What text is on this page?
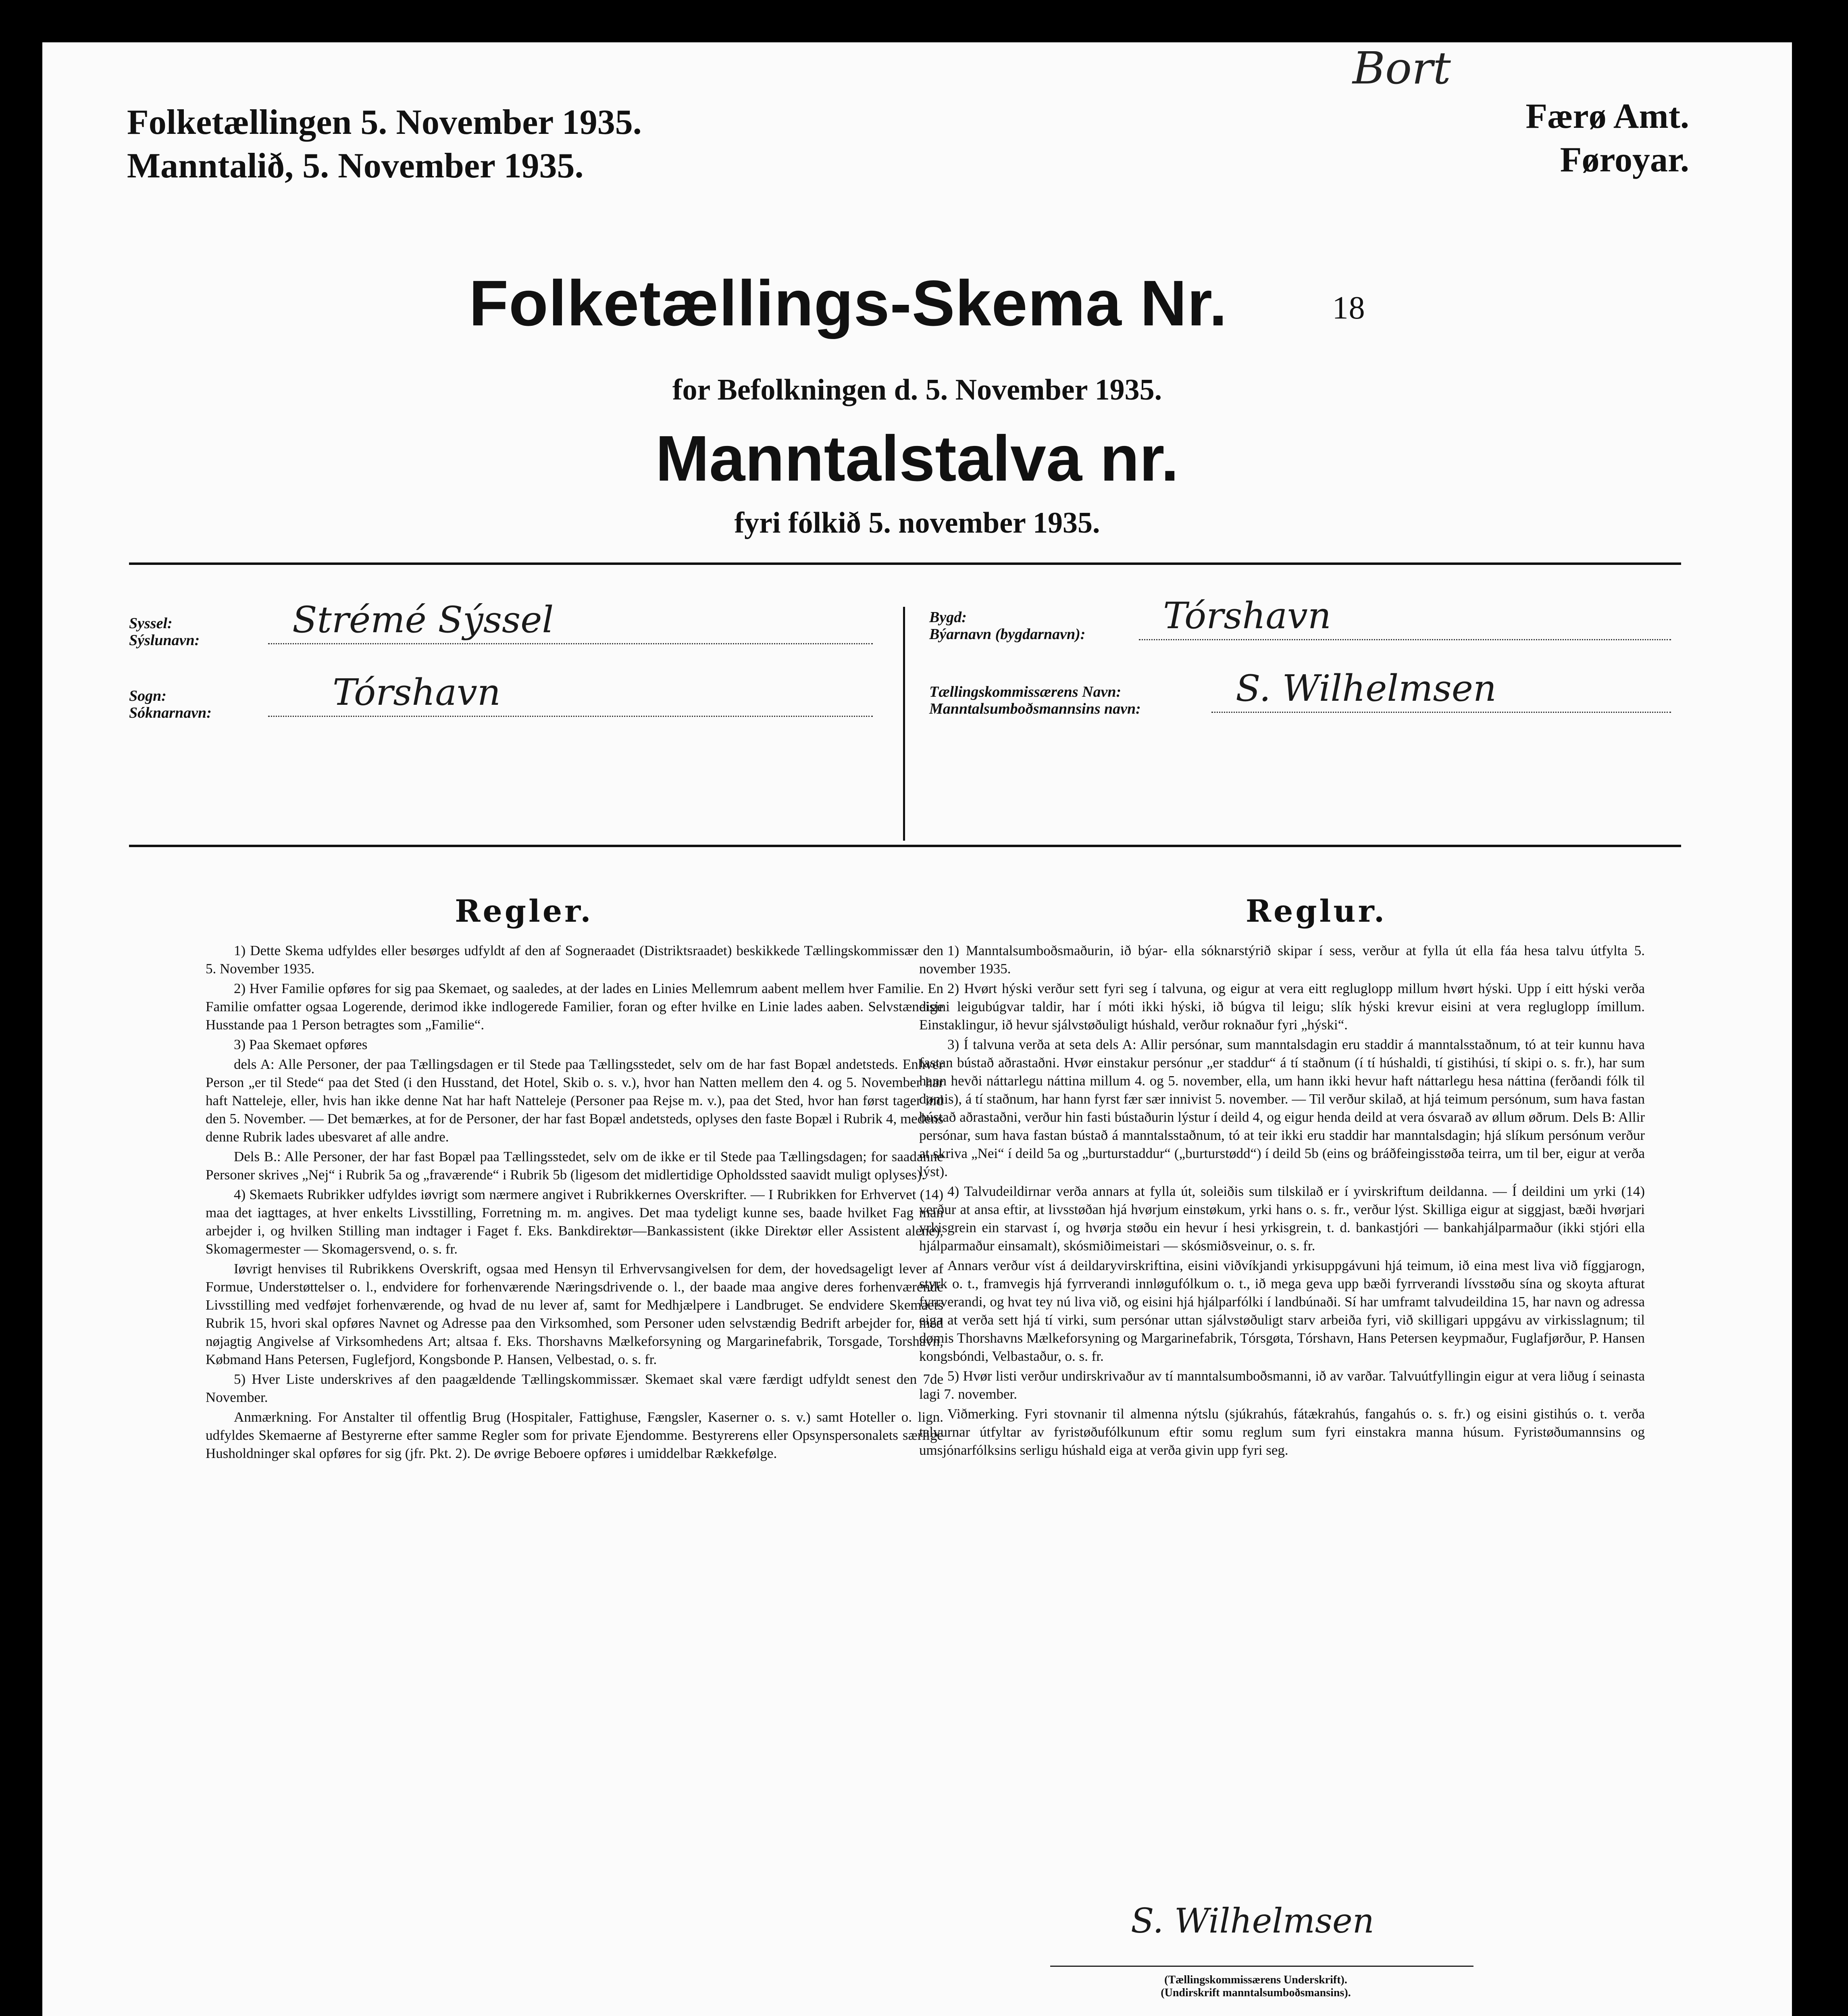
Bort
Folketællingen 5. November 1935.
Manntalið, 5. November 1935.
Færø Amt.
Føroyar.
Folketællings-Skema Nr.	18
for Befolkningen d. 5. November 1935.
Manntalstalva nr.
fyri fólkið 5. november 1935.
Syssel:
Sýslunavn:	Strémé Sýssel
Sogn:
Sóknarnavn:	Tórshavn
Bygd:
Býarnavn (bygdarnavn): Tórshavn
Tællingskommissærens Navn:
Manntalsumboðsmannsins navn:	S. Wilhelmsen
Regler.

1) Dette Skema udfyldes eller besørges udfyldt af den af Sogneraadet (Distriktsraadet) beskikkede Tællingskommissær den 5. November 1935.

2) Hver Familie opføres for sig paa Skemaet, og saaledes, at der lades en Linies Mellemrum aabent mellem hver Familie. En Familie omfatter ogsaa Logerende, derimod ikke indlogerede Familier, foran og efter hvilke en Linie lades aaben. Selvstændige Husstande paa 1 Person betragtes som „Familie“.

3) Paa Skemaet opføres

dels A: Alle Personer, der paa Tællingsdagen er til Stede paa Tællingsstedet, selv om de har fast Bopæl andetsteds. Enhver Person „er til Stede“ paa det Sted (i den Husstand, det Hotel, Skib o. s. v.), hvor han Natten mellem den 4. og 5. November har haft Natteleje, eller, hvis han ikke denne Nat har haft Natteleje (Personer paa Rejse m. v.), paa det Sted, hvor han først tager ind den 5. November. — Det bemærkes, at for de Personer, der har fast Bopæl andetsteds, oplyses den faste Bopæl i Rubrik 4, medens denne Rubrik lades ubesvaret af alle andre.

Dels B.: Alle Personer, der har fast Bopæl paa Tællingsstedet, selv om de ikke er til Stede paa Tællingsdagen; for saadanne Personer skrives „Nej“ i Rubrik 5a og „fraværende“ i Rubrik 5b (ligesom det midlertidige Opholdssted saavidt muligt oplyses).

4) Skemaets Rubrikker udfyldes iøvrigt som nærmere angivet i Rubrikkernes Overskrifter. — I Rubrikken for Erhvervet (14) maa det iagttages, at hver enkelts Livsstilling, Forretning m. m. angives. Det maa tydeligt kunne ses, baade hvilket Fag man arbejder i, og hvilken Stilling man indtager i Faget f. Eks. Bankdirektør—Bankassistent (ikke Direktør eller Assistent alene), Skomagermester — Skomagersvend, o. s. fr.

Iøvrigt henvises til Rubrikkens Overskrift, ogsaa med Hensyn til Erhvervsangivelsen for dem, der hovedsageligt lever af Formue, Understøttelser o. l., endvidere for forhenværende Næringsdrivende o. l., der baade maa angive deres forhenværende Livsstilling med vedføjet forhenværende, og hvad de nu lever af, samt for Medhjælpere i Landbruget. Se endvidere Skemaets Rubrik 15, hvori skal opføres Navnet og Adresse paa den Virksomhed, som Personer uden selvstændig Bedrift arbejder for, med nøjagtig Angivelse af Virksomhedens Art; altsaa f. Eks. Thorshavns Mælkeforsyning og Margarinefabrik, Torsgade, Torshavn, Købmand Hans Petersen, Fuglefjord, Kongsbonde P. Hansen, Velbestad, o. s. fr.

5) Hver Liste underskrives af den paagældende Tællingskommissær. Skemaet skal være færdigt udfyldt senest den 7de November.

Anmærkning. For Anstalter til offentlig Brug (Hospitaler, Fattighuse, Fængsler, Kaserner o. s. v.) samt Hoteller o. lign. udfyldes Skemaerne af Bestyrerne efter samme Regler som for private Ejendomme. Bestyrerens eller Opsynspersonalets særlige Husholdninger skal opføres for sig (jfr. Pkt. 2). De øvrige Beboere opføres i umiddelbar Rækkefølge.

Reglur.

1) Manntalsumboðsmaðurin, ið býar- ella sóknarstýrið skipar í sess, verður at fylla út ella fáa hesa talvu útfylta 5. november 1935.

2) Hvørt hýski verður sett fyri seg í talvuna, og eigur at vera eitt regluglopp millum hvørt hýski. Upp í eitt hýski verða eisini leigubúgvar taldir, har í móti ikki hýski, ið búgva til leigu; slík hýski krevur eisini at vera regluglopp ímillum. Einstaklingur, ið hevur sjálvstøðuligt húshald, verður roknaður fyri „hýski“.

3) Í talvuna verða at seta dels A: Allir persónar, sum manntalsdagin eru staddir á manntalsstaðnum, tó at teir kunnu hava fastan bústað aðrastaðni. Hvør einstakur persónur „er staddur“ á tí staðnum (í tí húshaldi, tí gistihúsi, tí skipi o. s. fr.), har sum hann hevði náttarlegu náttina millum 4. og 5. november, ella, um hann ikki hevur haft náttarlegu hesa náttina (ferðandi fólk til dømis), á tí staðnum, har hann fyrst fær sær innivist 5. november. — Til verður skilað, at hjá teimum persónum, sum hava fastan bústað aðrastaðni, verður hin fasti bústaðurin lýstur í deild 4, og eigur henda deild at vera ósvarað av øllum øðrum. Dels B: Allir persónar, sum hava fastan bústað á manntalsstaðnum, tó at teir ikki eru staddir har manntalsdagin; hjá slíkum persónum verður at skriva „Nei“ í deild 5a og „burturstaddur“ („burturstødd“) í deild 5b (eins og bráðfeingisstøða teirra, um til ber, eigur at verða lýst).

4) Talvudeildirnar verða annars at fylla út, soleiðis sum tilskilað er í yvirskriftum deildanna. — Í deildini um yrki (14) verður at ansa eftir, at livsstøðan hjá hvørjum einstøkum, yrki hans o. s. fr., verður lýst. Skilliga eigur at siggjast, bæði hvørjari yrkisgrein ein starvast í, og hvørja støðu ein hevur í hesi yrkisgrein, t. d. bankastjóri — bankahjálparmaður (ikki stjóri ella hjálparmaður einsamalt), skósmiðimeistari — skósmiðsveinur, o. s. fr.

Annars verður víst á deildaryvirskriftina, eisini viðvíkjandi yrkisuppgávuni hjá teimum, ið eina mest liva við fíggjarogn, styrk o. t., framvegis hjá fyrrverandi innløgufólkum o. t., ið mega geva upp bæði fyrrverandi lívsstøðu sína og skoyta afturat fyrrverandi, og hvat tey nú liva við, og eisini hjá hjálparfólki í landbúnaði. Sí har umframt talvudeildina 15, har navn og adressa eiga at verða sett hjá tí virki, sum persónar uttan sjálvstøðuligt starv arbeiða fyri, við skilligari uppgávu av virkisslagnum; til dømis Thorshavns Mælkeforsyning og Margarinefabrik, Tórsgøta, Tórshavn, Hans Petersen keypmaður, Fuglafjørður, P. Hansen kongsbóndi, Velbastaður, o. s. fr.

5) Hvør listi verður undirskrivaður av tí manntalsumboðsmanni, ið av varðar. Talvuútfyllingin eigur at vera liðug í seinasta lagi 7. november.

Viðmerking. Fyri stovnanir til almenna nýtslu (sjúkrahús, fátækrahús, fangahús o. s. fr.) og eisini gistihús o. t. verða talvurnar útfyltar av fyristøðufólkunum eftir somu reglum sum fyri einstakra manna húsum. Fyristøðumannsins og umsjónarfólksins serligu húshald eiga at verða givin upp fyri seg.

S. Wilhelmsen
(Tællingskommissærens Underskrift).
(Undirskrift manntalsumboðsmansins).
